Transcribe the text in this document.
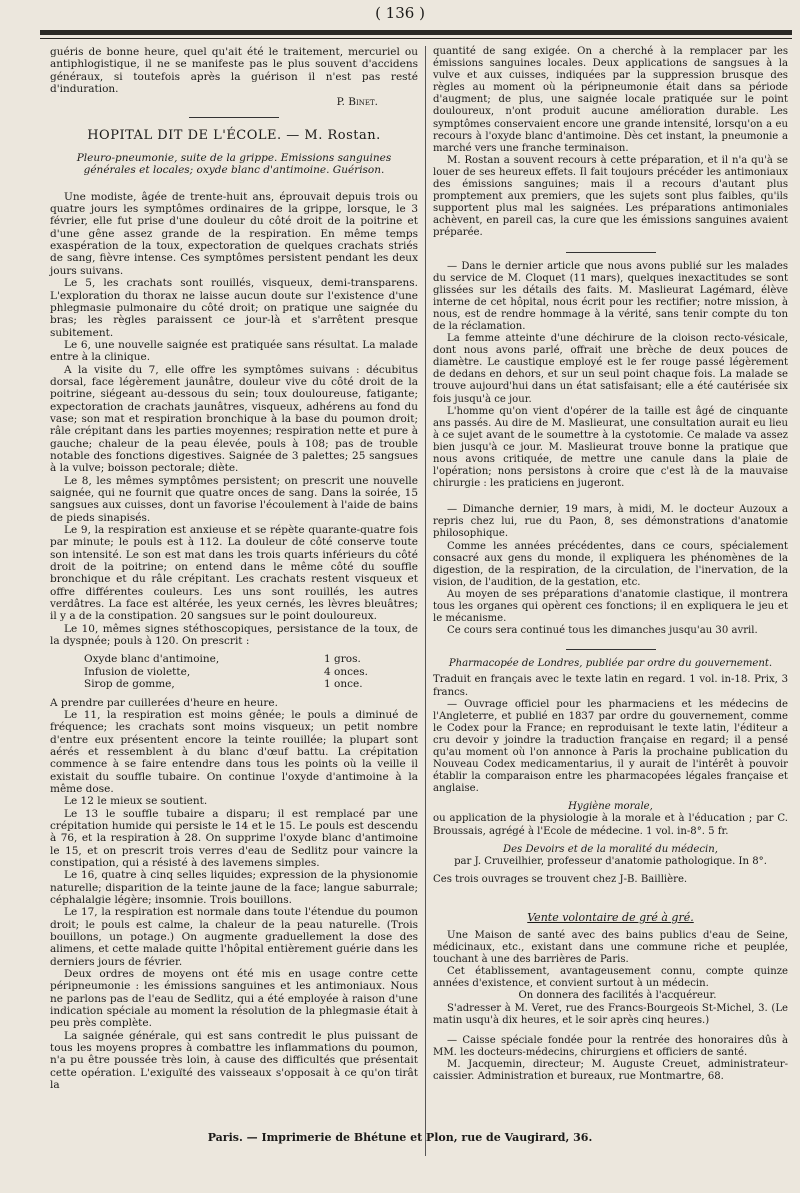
( 136 )

guéris de bonne heure, quel qu'ait été le traitement, mercuriel ou antiphlogistique, il ne se manifeste pas le plus souvent d'accidens généraux, si toutefois après la guérison il n'est pas resté d'induration.

P. Binet.
HOPITAL DIT DE L'ÉCOLE. — M. Rostan.
Pleuro-pneumonie, suite de la grippe. Emissions sanguines générales et locales; oxyde blanc d'antimoine. Guérison.

Une modiste, âgée de trente-huit ans, éprouvait depuis trois ou quatre jours les symptômes ordinaires de la grippe, lorsque, le 3 février, elle fut prise d'une douleur du côté droit de la poitrine et d'une gêne assez grande de la respiration. En même temps exaspération de la toux, expectoration de quelques crachats striés de sang, fièvre intense. Ces symptômes persistent pendant les deux jours suivans.

Le 5, les crachats sont rouillés, visqueux, demi-transparens. L'exploration du thorax ne laisse aucun doute sur l'existence d'une phlegmasie pulmonaire du côté droit; on pratique une saignée du bras; les règles paraissent ce jour-là et s'arrêtent presque subitement.

Le 6, une nouvelle saignée est pratiquée sans résultat. La malade entre à la clinique.

A la visite du 7, elle offre les symptômes suivans : décubitus dorsal, face légèrement jaunâtre, douleur vive du côté droit de la poitrine, siégeant au-dessous du sein; toux douloureuse, fatigante; expectoration de crachats jaunâtres, visqueux, adhérens au fond du vase; son mat et respiration bronchique à la base du poumon droit; râle crépitant dans les parties moyennes; respiration nette et pure à gauche; chaleur de la peau élevée, pouls à 108; pas de trouble notable des fonctions digestives. Saignée de 3 palettes; 25 sangsues à la vulve; boisson pectorale; diète.

Le 8, les mêmes symptômes persistent; on prescrit une nouvelle saignée, qui ne fournit que quatre onces de sang. Dans la soirée, 15 sangsues aux cuisses, dont un favorise l'écoulement à l'aide de bains de pieds sinapisés.

Le 9, la respiration est anxieuse et se répète quarante-quatre fois par minute; le pouls est à 112. La douleur de côté conserve toute son intensité. Le son est mat dans les trois quarts inférieurs du côté droit de la poitrine; on entend dans le même côté du souffle bronchique et du râle crépitant. Les crachats restent visqueux et offre différentes couleurs. Les uns sont rouillés, les autres verdâtres. La face est altérée, les yeux cernés, les lèvres bleuâtres; il y a de la constipation. 20 sangsues sur le point douloureux.

Le 10, mêmes signes stéthoscopiques, persistance de la toux, de la dyspnée; pouls à 120. On prescrit :

Oxyde blanc d'antimoine,	1 gros.
Infusion de violette,	4 onces.
Sirop de gomme,	1 once.

A prendre par cuillerées d'heure en heure.

Le 11, la respiration est moins gênée; le pouls a diminué de fréquence; les crachats sont moins visqueux; un petit nombre d'entre eux présentent encore la teinte rouillée; la plupart sont aérés et ressemblent à du blanc d'œuf battu. La crépitation commence à se faire entendre dans tous les points où la veille il existait du souffle tubaire. On continue l'oxyde d'antimoine à la même dose.

Le 12 le mieux se soutient.

Le 13 le souffle tubaire a disparu; il est remplacé par une crépitation humide qui persiste le 14 et le 15. Le pouls est descendu à 76, et la respiration à 28. On supprime l'oxyde blanc d'antimoine le 15, et on prescrit trois verres d'eau de Sedlitz pour vaincre la constipation, qui a résisté à des lavemens simples.

Le 16, quatre à cinq selles liquides; expression de la physionomie naturelle; disparition de la teinte jaune de la face; langue saburrale; céphalalgie légère; insomnie. Trois bouillons.

Le 17, la respiration est normale dans toute l'étendue du poumon droit; le pouls est calme, la chaleur de la peau naturelle. (Trois bouillons, un potage.) On augmente graduellement la dose des alimens, et cette malade quitte l'hôpital entièrement guérie dans les derniers jours de février.

Deux ordres de moyens ont été mis en usage contre cette péripneumonie : les émissions sanguines et les antimoniaux. Nous ne parlons pas de l'eau de Sedlitz, qui a été employée à raison d'une indication spéciale au moment la résolution de la phlegmasie était à peu près complète.

La saignée générale, qui est sans contredit le plus puissant de tous les moyens propres à combattre les inflammations du poumon, n'a pu être poussée très loin, à cause des difficultés que présentait cette opération. L'exiguïté des vaisseaux s'opposait à ce qu'on tirât la

quantité de sang exigée. On a cherché à la remplacer par les émissions sanguines locales. Deux applications de sangsues à la vulve et aux cuisses, indiquées par la suppression brusque des règles au moment où la péripneumonie était dans sa période d'augment; de plus, une saignée locale pratiquée sur le point douloureux, n'ont produit aucune amélioration durable. Les symptômes conservaient encore une grande intensité, lorsqu'on a eu recours à l'oxyde blanc d'antimoine. Dès cet instant, la pneumonie a marché vers une franche terminaison.

M. Rostan a souvent recours à cette préparation, et il n'a qu'à se louer de ses heureux effets. Il fait toujours précéder les antimoniaux des émissions sanguines; mais il a recours d'autant plus promptement aux premiers, que les sujets sont plus faibles, qu'ils supportent plus mal les saignées. Les préparations antimoniales achèvent, en pareil cas, la cure que les émissions sanguines avaient préparée.

— Dans le dernier article que nous avons publié sur les malades du service de M. Cloquet (11 mars), quelques inexactitudes se sont glissées sur les détails des faits. M. Maslieurat Lagémard, élève interne de cet hôpital, nous écrit pour les rectifier; notre mission, à nous, est de rendre hommage à la vérité, sans tenir compte du ton de la réclamation.

La femme atteinte d'une déchirure de la cloison recto-vésicale, dont nous avons parlé, offrait une brèche de deux pouces de diamètre. Le caustique employé est le fer rouge passé légèrement de dedans en dehors, et sur un seul point chaque fois. La malade se trouve aujourd'hui dans un état satisfaisant; elle a été cautérisée six fois jusqu'à ce jour.

L'homme qu'on vient d'opérer de la taille est âgé de cinquante ans passés. Au dire de M. Maslieurat, une consultation aurait eu lieu à ce sujet avant de le soumettre à la cystotomie. Ce malade va assez bien jusqu'à ce jour. M. Maslieurat trouve bonne la pratique que nous avons critiquée, de mettre une canule dans la plaie de l'opération; nons persistons à croire que c'est là de la mauvaise chirurgie : les praticiens en jugeront.

— Dimanche dernier, 19 mars, à midi, M. le docteur Auzoux a repris chez lui, rue du Paon, 8, ses démonstrations d'anatomie philosophique.

Comme les années précédentes, dans ce cours, spécialement consacré aux gens du monde, il expliquera les phénomènes de la digestion, de la respiration, de la circulation, de l'inervation, de la vision, de l'audition, de la gestation, etc.

Au moyen de ses préparations d'anatomie clastique, il montrera tous les organes qui opèrent ces fonctions; il en expliquera le jeu et le mécanisme.

Ce cours sera continué tous les dimanches jusqu'au 30 avril.

Pharmacopée de Londres, publiée par ordre du gouvernement.

Traduit en français avec le texte latin en regard. 1 vol. in-18. Prix, 3 francs.

— Ouvrage officiel pour les pharmaciens et les médecins de l'Angleterre, et publié en 1837 par ordre du gouvernement, comme le Codex pour la France; en reproduisant le texte latin, l'éditeur a cru devoir y joindre la traduction française en regard; il a pensé qu'au moment où l'on annonce à Paris la prochaine publication du Nouveau Codex medicamentarius, il y aurait de l'intérêt à pouvoir établir la comparaison entre les pharmacopées légales française et anglaise.

Hygiène morale,

ou application de la physiologie à la morale et à l'éducation ; par C. Broussais, agrégé à l'Ecole de médecine. 1 vol. in-8°. 5 fr.

Des Devoirs et de la moralité du médecin,
par J. Cruveilhier, professeur d'anatomie pathologique. In 8°.

Ces trois ouvrages se trouvent chez J-B. Baillière.

Vente volontaire de gré à gré.

Une Maison de santé avec des bains publics d'eau de Seine, médicinaux, etc., existant dans une commune riche et peuplée, touchant à une des barrières de Paris.

Cet établissement, avantageusement connu, compte quinze années d'existence, et convient surtout à un médecin.

On donnera des facilités à l'acquéreur.

S'adresser à M. Veret, rue des Francs-Bourgeois St-Michel, 3. (Le matin usqu'à dix heures, et le soir après cinq heures.)

— Caisse spéciale fondée pour la rentrée des honoraires dûs à MM. les docteurs-médecins, chirurgiens et officiers de santé.

M. Jacquemin, directeur; M. Auguste Creuet, administrateur-caissier. Administration et bureaux, rue Montmartre, 68.

Paris. — Imprimerie de Bhétune et Plon, rue de Vaugirard, 36.
